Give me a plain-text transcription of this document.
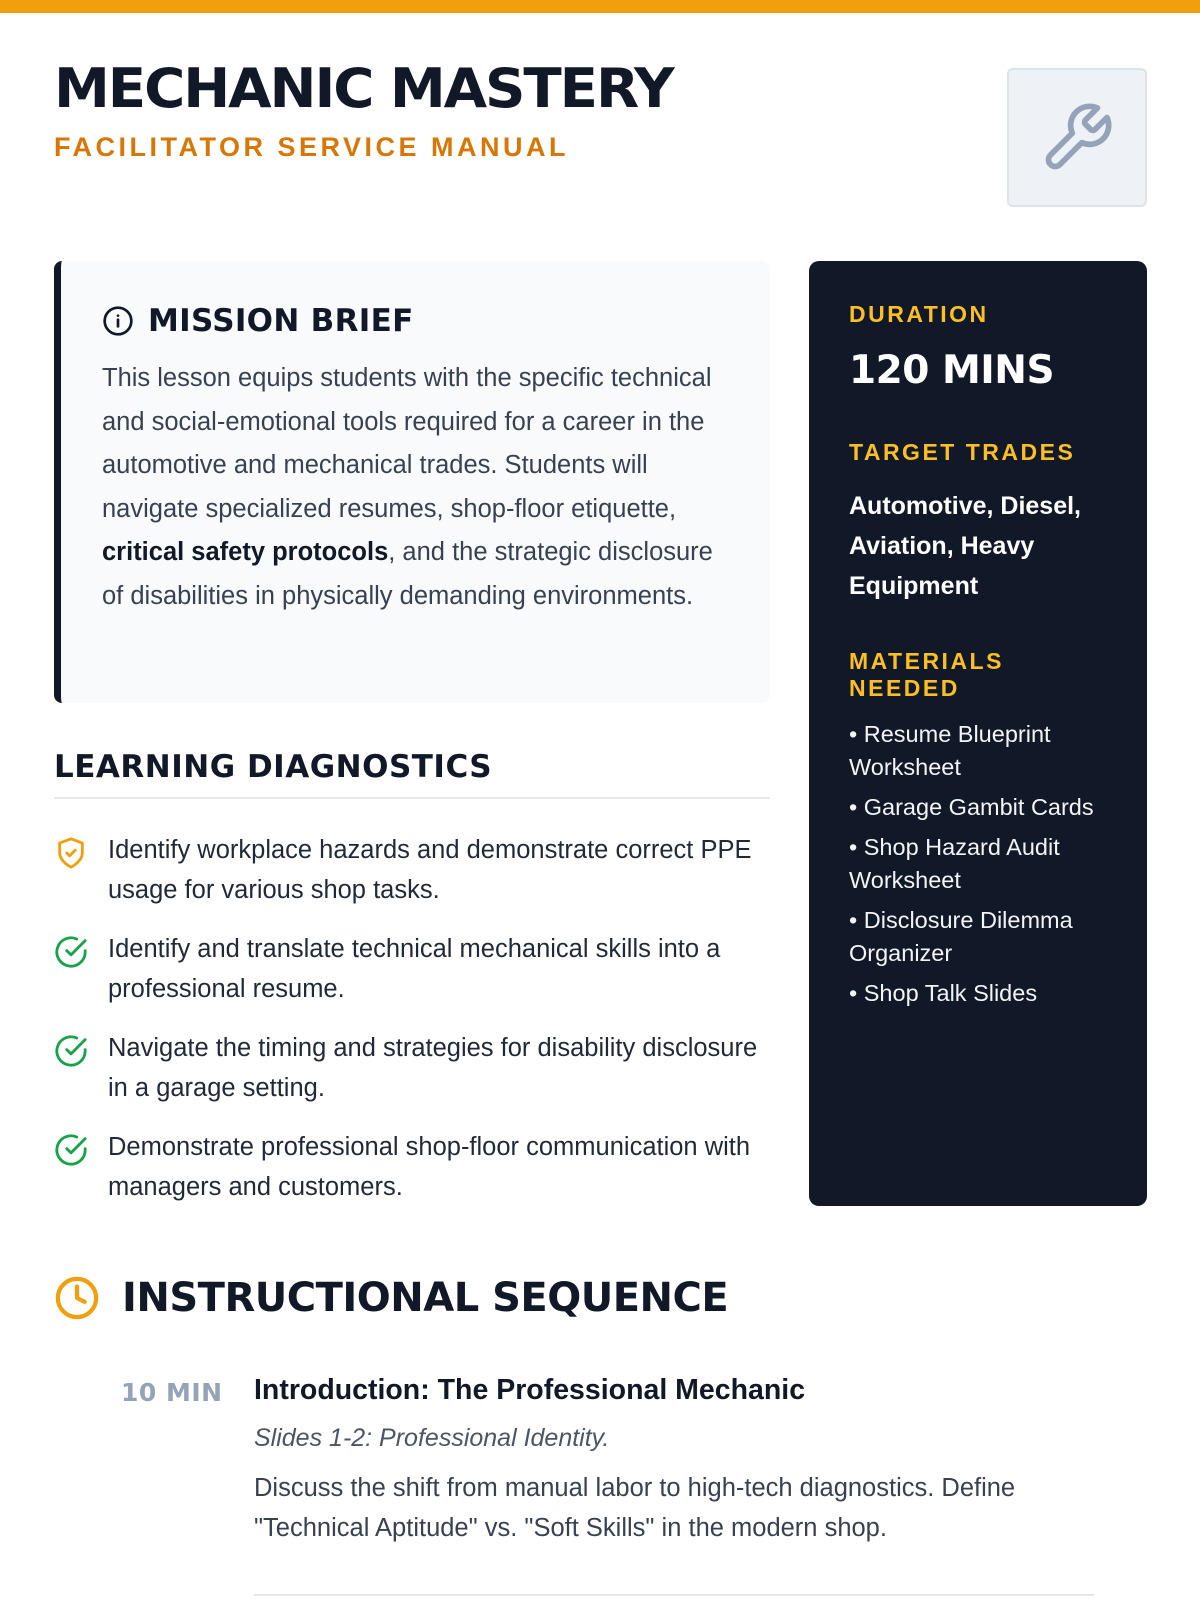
MECHANIC MASTERY
FACILITATOR SERVICE MANUAL
MISSION BRIEF

This lesson equips students with the specific technical and social-emotional tools required for a career in the automotive and mechanical trades. Students will navigate specialized resumes, shop-floor etiquette, critical safety protocols, and the strategic disclosure of disabilities in physically demanding environments.

LEARNING DIAGNOSTICS
Identify workplace hazards and demonstrate correct PPE usage for various shop tasks.
Identify and translate technical mechanical skills into a professional resume.
Navigate the timing and strategies for disability disclosure in a garage setting.
Demonstrate professional shop-floor communication with managers and customers.
DURATION
120 MINS
TARGET TRADES
Automotive, Diesel, Aviation, Heavy Equipment
MATERIALS NEEDED
• Resume Blueprint Worksheet
• Garage Gambit Cards
• Shop Hazard Audit Worksheet
• Disclosure Dilemma Organizer
• Shop Talk Slides
INSTRUCTIONAL SEQUENCE
10 MIN Introduction: The Professional Mechanic
Slides 1-2: Professional Identity.
Discuss the shift from manual labor to high-tech diagnostics. Define "Technical Aptitude" vs. "Soft Skills" in the modern shop.
